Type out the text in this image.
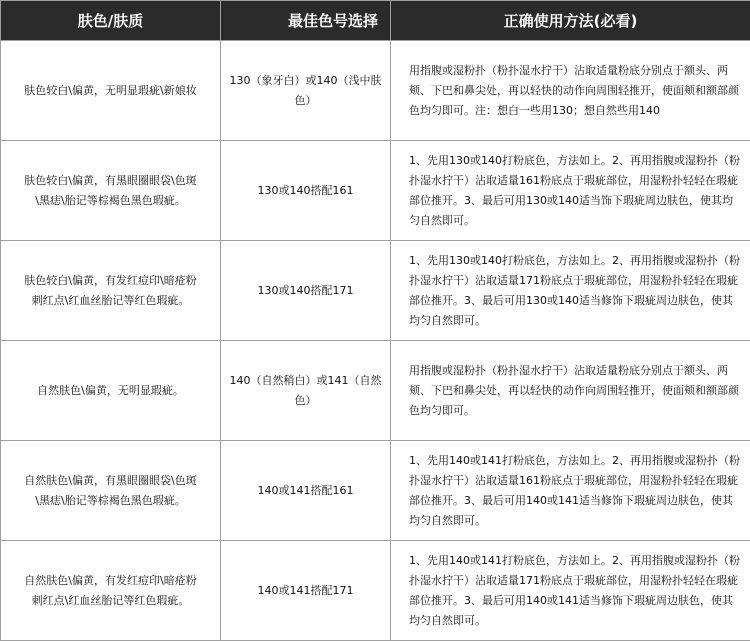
肤色/肤质	最佳色号选择	正确使用方法(必看)
肤色较白\偏黄，无明显瑕疵\新娘妆	130（象牙白）或140（浅中肤色）	用指腹或湿粉扑（粉扑湿水拧干）沾取适量粉底分别点于额头、两颊、下巴和鼻尖处，再以轻快的动作向周围轻推开，使面颊和额部颜色均匀即可。注：想白一些用130；想自然些用140
肤色较白\偏黄，有黑眼圈眼袋\色斑\黑痣\胎记等棕褐色黑色瑕疵。	130或140搭配161	1、先用130或140打粉底色，方法如上。2、再用指腹或湿粉扑（粉扑湿水拧干）沾取适量161粉底点于瑕疵部位，用湿粉扑轻轻在瑕疵部位推开。3、最后可用130或140适当饰下瑕疵周边肤色，使其均匀自然即可。
肤色较白\偏黄，有发红痘印\暗疮粉刺红点\红血丝胎记等红色瑕疵。	130或140搭配171	1、先用130或140打粉底色，方法如上。2、再用指腹或湿粉扑（粉扑湿水拧干）沾取适量171粉底点于瑕疵部位，用湿粉扑轻轻在瑕疵部位推开。3、最后可用130或140适当修饰下瑕疵周边肤色，使其均匀自然即可。
自然肤色\偏黄，无明显瑕疵。	140（自然稍白）或141（自然色）	用指腹或湿粉扑（粉扑湿水拧干）沾取适量粉底分别点于额头、两颊、下巴和鼻尖处，再以轻快的动作向周围轻推开，使面颊和额部颜色均匀即可。
自然肤色\偏黄，有黑眼圈眼袋\色斑\黑痣\胎记等棕褐色黑色瑕疵。	140或141搭配161	1、先用140或141打粉底色，方法如上。2、再用指腹或湿粉扑（粉扑湿水拧干）沾取适量161粉底点于瑕疵部位，用湿粉扑轻轻在瑕疵部位推开。3、最后可用140或141适当修饰下瑕疵周边肤色，使其均匀自然即可。
自然肤色\偏黄，有发红痘印\暗疮粉刺红点\红血丝胎记等红色瑕疵。	140或141搭配171	1、先用140或141打粉底色，方法如上。2、再用指腹或湿粉扑（粉扑湿水拧干）沾取适量171粉底点于瑕疵部位，用湿粉扑轻轻在瑕疵部位推开。3、最后可用140或141适当修饰下瑕疵周边肤色，使其均匀自然即可。
